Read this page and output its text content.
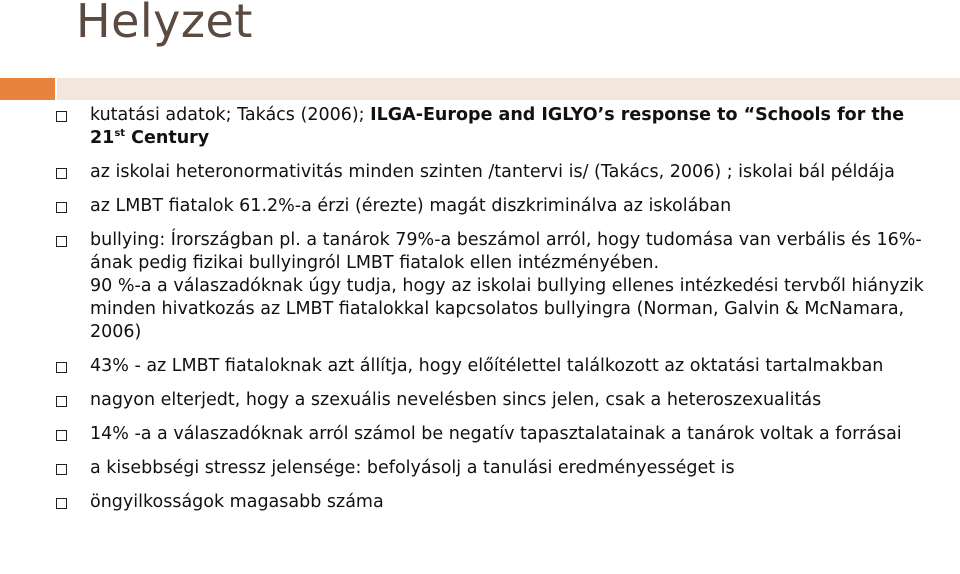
Helyzet
kutatási adatok; Takács (2006); ILGA-Europe and IGLYO’s response to “Schools for the 21st Century
az iskolai heteronormativitás minden szinten /tantervi is/ (Takács, 2006) ; iskolai bál példája
az LMBT fiatalok 61.2%-a érzi (érezte) magát diszkriminálva az iskolában
bullying: Írországban pl. a tanárok 79%-a beszámol arról, hogy tudomása van verbális és 16%-ának pedig fizikai bullyingról LMBT fiatalok ellen intézményében.
90 %-a a válaszadóknak úgy tudja, hogy az iskolai bullying ellenes intézkedési tervből hiányzik minden hivatkozás az LMBT fiatalokkal kapcsolatos bullyingra (Norman, Galvin & McNamara, 2006)
43% - az LMBT fiataloknak azt állítja, hogy előítélettel találkozott az oktatási tartalmakban
nagyon elterjedt, hogy a szexuális nevelésben sincs jelen, csak a heteroszexualitás
14% -a a válaszadóknak arról számol be negatív tapasztalatainak a tanárok voltak a forrásai
a kisebbségi stressz jelensége: befolyásolj a tanulási eredményességet is
öngyilkosságok magasabb száma
